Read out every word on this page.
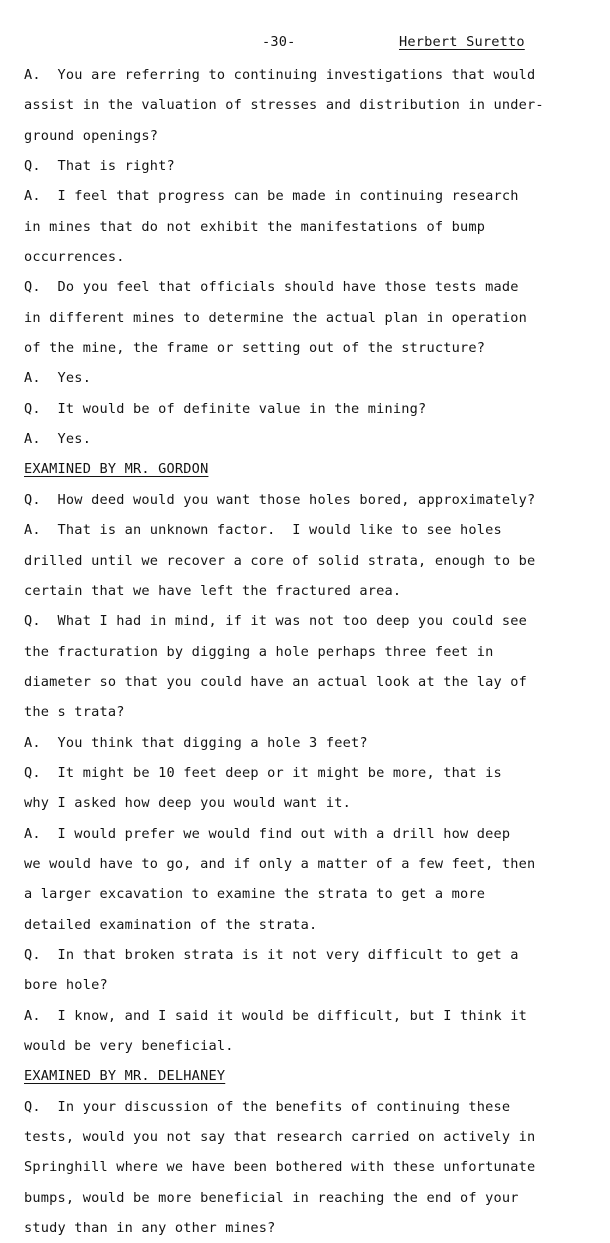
-30-	Herbert Suretto
A.  You are referring to continuing investigations that would
assist in the valuation of stresses and distribution in under-
ground openings?
Q.  That is right?
A.  I feel that progress can be made in continuing research
in mines that do not exhibit the manifestations of bump
occurrences.
Q.  Do you feel that officials should have those tests made
in different mines to determine the actual plan in operation
of the mine, the frame or setting out of the structure?
A.  Yes.
Q.  It would be of definite value in the mining?
A.  Yes.
EXAMINED BY MR. GORDON
Q.  How deed would you want those holes bored, approximately?
A.  That is an unknown factor.  I would like to see holes
drilled until we recover a core of solid strata, enough to be
certain that we have left the fractured area.
Q.  What I had in mind, if it was not too deep you could see
the fracturation by digging a hole perhaps three feet in
diameter so that you could have an actual look at the lay of
the s trata?
A.  You think that digging a hole 3 feet?
Q.  It might be 10 feet deep or it might be more, that is
why I asked how deep you would want it.
A.  I would prefer we would find out with a drill how deep
we would have to go, and if only a matter of a few feet, then
a larger excavation to examine the strata to get a more
detailed examination of the strata.
Q.  In that broken strata is it not very difficult to get a
bore hole?
A.  I know, and I said it would be difficult, but I think it
would be very beneficial.
EXAMINED BY MR. DELHANEY
Q.  In your discussion of the benefits of continuing these
tests, would you not say that research carried on actively in
Springhill where we have been bothered with these unfortunate
bumps, would be more beneficial in reaching the end of your
study than in any other mines?
